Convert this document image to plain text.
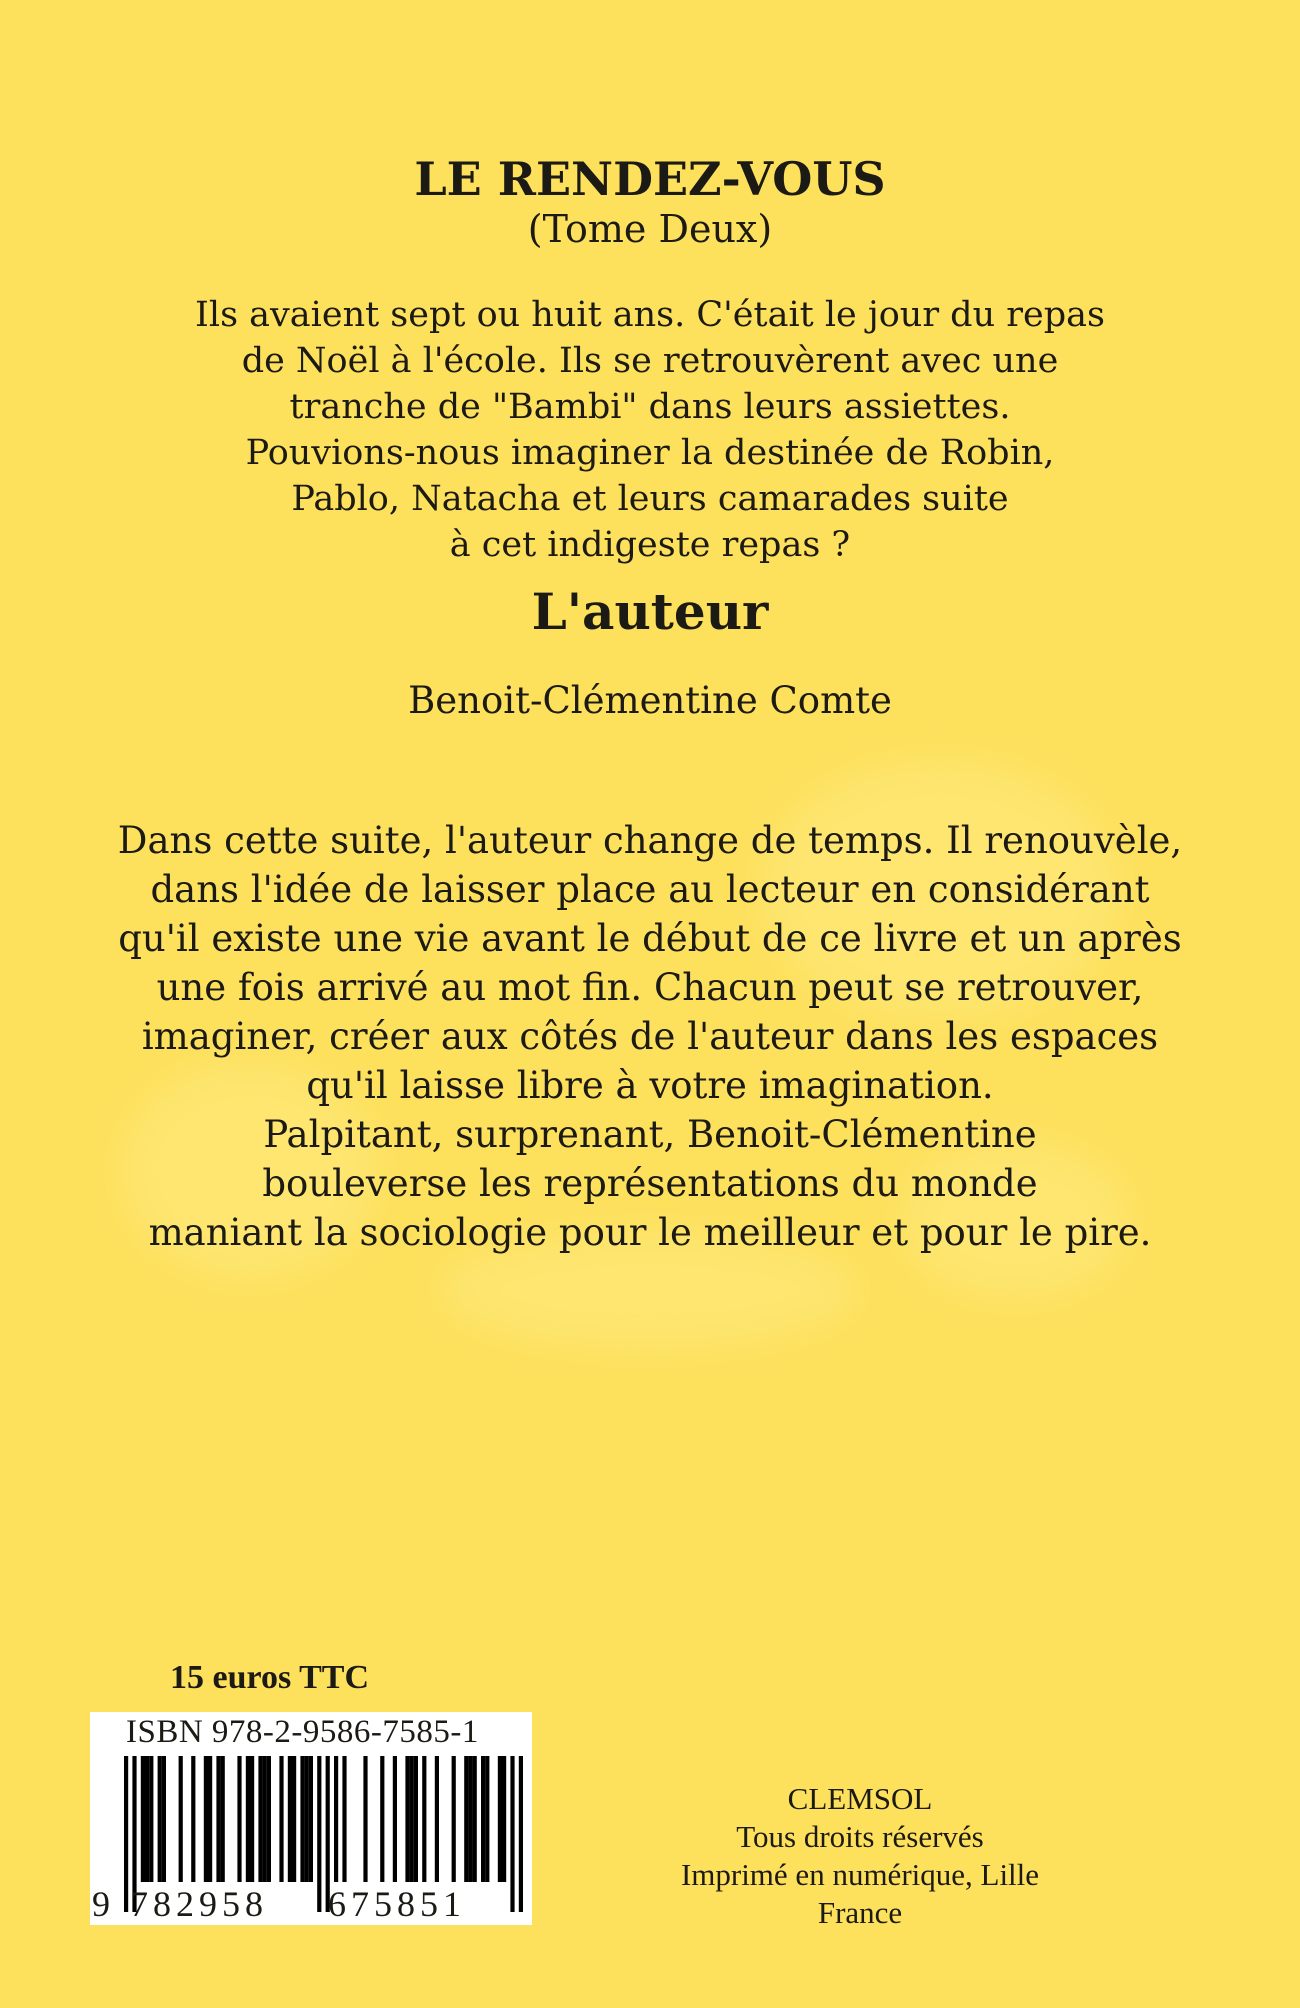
LE RENDEZ-VOUS
(Tome Deux)
Ils avaient sept ou huit ans. C'était le jour du repas
de Noël à l'école. Ils se retrouvèrent avec une
tranche de "Bambi" dans leurs assiettes.
Pouvions-nous imaginer la destinée de Robin,
Pablo, Natacha et leurs camarades suite
à cet indigeste repas ?
L'auteur
Benoit-Clémentine Comte
Dans cette suite, l'auteur change de temps. Il renouvèle,
dans l'idée de laisser place au lecteur en considérant
qu'il existe une vie avant le début de ce livre et un après
une fois arrivé au mot fin. Chacun peut se retrouver,
imaginer, créer aux côtés de l'auteur dans les espaces
qu'il laisse libre à votre imagination.
Palpitant, surprenant, Benoit-Clémentine
bouleverse les représentations du monde
maniant la sociologie pour le meilleur et pour le pire.
15 euros TTC
ISBN 978-2-9586-7585-1
9 782958 675851
CLEMSOL
Tous droits réservés
Imprimé en numérique, Lille
France
